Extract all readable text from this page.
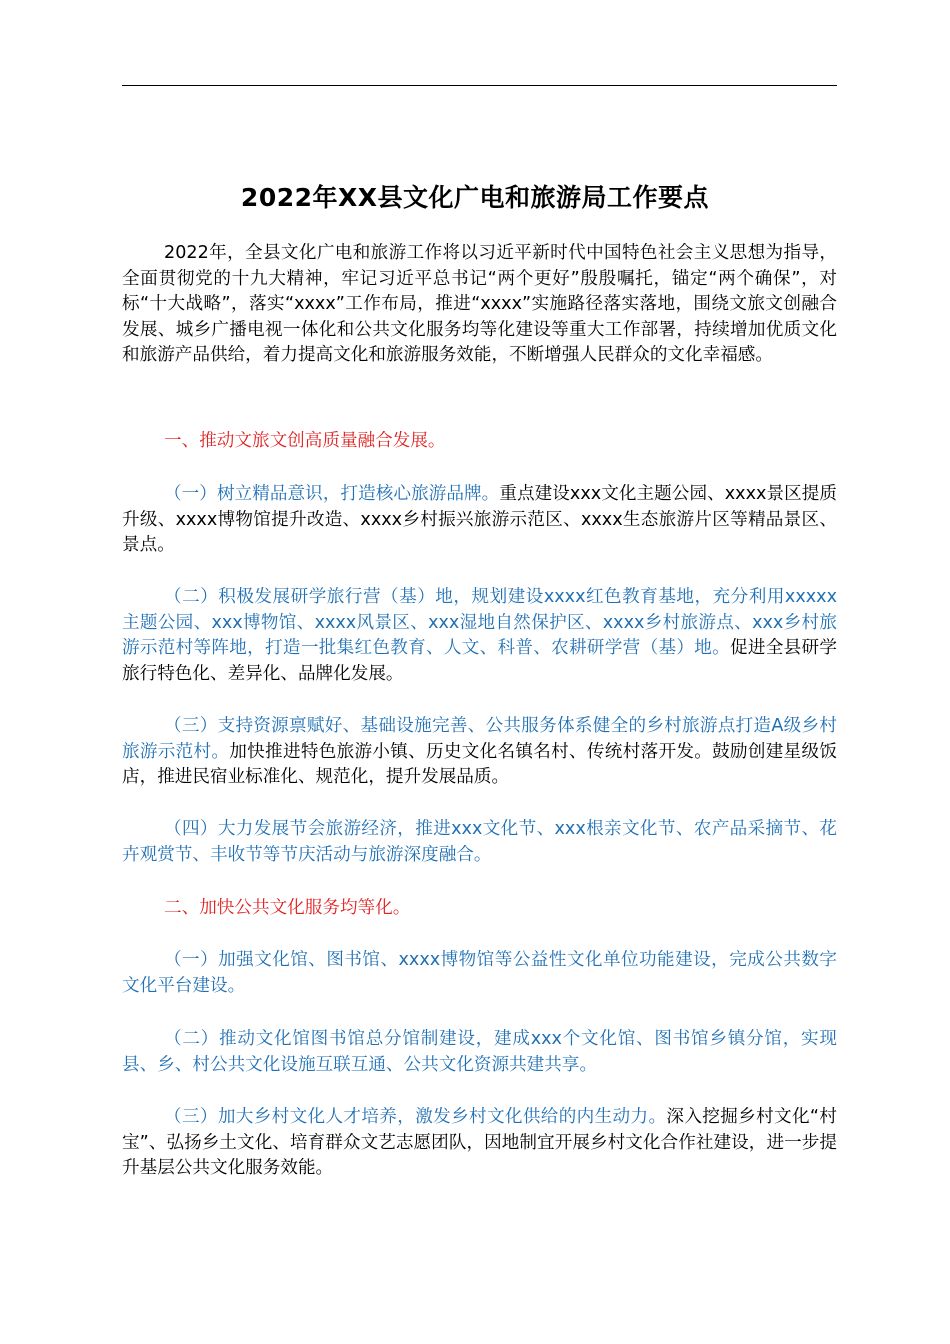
2022年XX县文化广电和旅游局工作要点

2022年，全县文化广电和旅游工作将以习近平新时代中国特色社会主义思想为指导，全面贯彻党的十九大精神，牢记习近平总书记“两个更好”殷殷嘱托，锚定“两个确保”，对标“十大战略”，落实“xxxx”工作布局，推进“xxxx”实施路径落实落地，围绕文旅文创融合发展、城乡广播电视一体化和公共文化服务均等化建设等重大工作部署，持续增加优质文化和旅游产品供给，着力提高文化和旅游服务效能，不断增强人民群众的文化幸福感。

一、推动文旅文创高质量融合发展。

（一）树立精品意识，打造核心旅游品牌。重点建设xxx文化主题公园、xxxx景区提质升级、xxxx博物馆提升改造、xxxx乡村振兴旅游示范区、xxxx生态旅游片区等精品景区、景点。

（二）积极发展研学旅行营（基）地，规划建设xxxx红色教育基地，充分利用xxxxx主题公园、xxx博物馆、xxxx风景区、xxx湿地自然保护区、xxxx乡村旅游点、xxx乡村旅游示范村等阵地，打造一批集红色教育、人文、科普、农耕研学营（基）地。促进全县研学旅行特色化、差异化、品牌化发展。

（三）支持资源禀赋好、基础设施完善、公共服务体系健全的乡村旅游点打造A级乡村旅游示范村。加快推进特色旅游小镇、历史文化名镇名村、传统村落开发。鼓励创建星级饭店，推进民宿业标准化、规范化，提升发展品质。

（四）大力发展节会旅游经济，推进xxx文化节、xxx根亲文化节、农产品采摘节、花卉观赏节、丰收节等节庆活动与旅游深度融合。

二、加快公共文化服务均等化。

（一）加强文化馆、图书馆、xxxx博物馆等公益性文化单位功能建设，完成公共数字文化平台建设。

（二）推动文化馆图书馆总分馆制建设，建成xxx个文化馆、图书馆乡镇分馆，实现县、乡、村公共文化设施互联互通、公共文化资源共建共享。

（三）加大乡村文化人才培养，激发乡村文化供给的内生动力。深入挖掘乡村文化“村宝”、弘扬乡土文化、培育群众文艺志愿团队，因地制宜开展乡村文化合作社建设，进一步提升基层公共文化服务效能。
